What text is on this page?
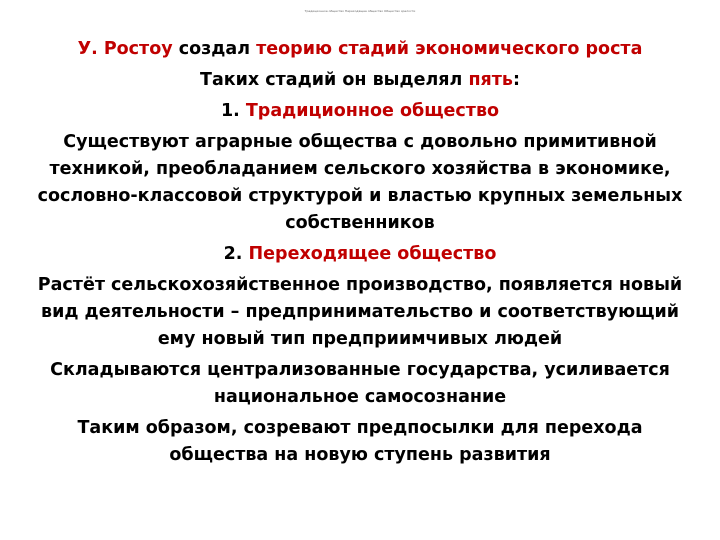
Традиционное общество Переходящее общество Общество зрелости
У. Ростоу создал теорию стадий экономического роста
Таких стадий он выделял пять:
1. Традиционное общество
Существуют аграрные общества с довольно примитивной техникой, преобладанием сельского хозяйства в экономике, сословно-классовой структурой и властью крупных земельных собственников
2. Переходящее общество
Растёт сельскохозяйственное производство, появляется новый вид деятельности – предпринимательство и соответствующий ему новый тип предприимчивых людей
Складываются централизованные государства, усиливается национальное самосознание
Таким образом, созревают предпосылки для перехода общества на новую ступень развития
